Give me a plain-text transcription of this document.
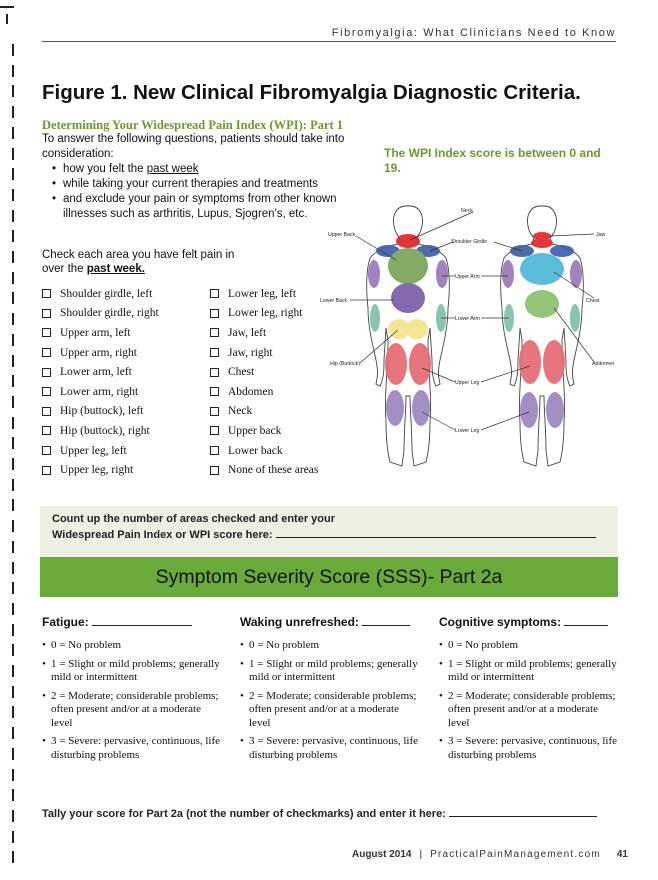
Fibromyalgia: What Clinicians Need to Know
Figure 1. New Clinical Fibromyalgia Diagnostic Criteria.
Determining Your Widespread Pain Index (WPI): Part 1
To answer the following questions, patients should take into consideration:
• how you felt the past week
• while taking your current therapies and treatments
• and exclude your pain or symptoms from other known illnesses such as arthritis, Lupus, Sjogren's, etc.
The WPI Index score is between 0 and 19.
Check each area you have felt pain in over the past week.
Shoulder girdle, left
Shoulder girdle, right
Upper arm, left
Upper arm, right
Lower arm, left
Lower arm, right
Hip (buttock), left
Hip (buttock), right
Upper leg, left
Upper leg, right
Lower leg, left
Lower leg, right
Jaw, left
Jaw, right
Chest
Abdomen
Neck
Upper back
Lower back
None of these areas
Neck
Upper Back
Shoulder Girdle
Jaw
Upper Arm
Lower Back	Chest
Lower Arm
Hip (Buttock)	Abdomen
Upper Leg
Lower Leg
Count up the number of areas checked and enter your
Widespread Pain Index or WPI score here:
Symptom Severity Score (SSS)- Part 2a
Fatigue:
• 0 = No problem
• 1 = Slight or mild problems; generally mild or intermittent
• 2 = Moderate; considerable problems; often present and/or at a moderate level
• 3 = Severe: pervasive, continuous, life disturbing problems
Waking unrefreshed:
• 0 = No problem
• 1 = Slight or mild problems; generally mild or intermittent
• 2 = Moderate; considerable problems; often present and/or at a moderate level
• 3 = Severe: pervasive, continuous, life disturbing problems
Cognitive symptoms:
• 0 = No problem
• 1 = Slight or mild problems; generally mild or intermittent
• 2 = Moderate; considerable problems; often present and/or at a moderate level
• 3 = Severe: pervasive, continuous, life disturbing problems
Tally your score for Part 2a (not the number of checkmarks) and enter it here:
August 2014 | PracticalPainManagement.com 41
